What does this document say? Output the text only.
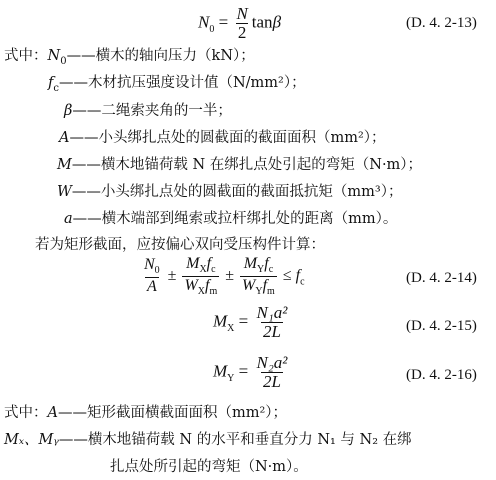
$N_0 = \frac{N}{2}$ tanβ	(D. 4. 2-13)
式中：$N_0——$横木的轴向压力（kN）；
$f_c——$木材抗压强度设计值（N/mm²）；
β——二绳索夹角的一半；
A——小头绑扎点处的圆截面的截面面积（mm²）；
M——横木地锚荷载 N 在绑扎点处引起的弯矩（N·m）；
W——小头绑扎点处的圆截面的截面抵抗矩（mm³）；
a——横木端部到绳索或拉杆绑扎处的距离（mm）。
若为矩形截面，应按偏心双向受压构件计算：
$\frac{N_0}{A} \pm \frac{M_Xf_c}{W_Xf_m} \pm \frac{M_Yf_c}{W_Yf_m} \le f_c$	(D. 4. 2-14)
$M_X = \frac{\text{N₁a²}}{2L}$	(D. 4. 2-15)
$M_Y = \frac{\text{N₂a²}}{2L}$	(D. 4. 2-16)
式中：A——矩形截面横截面面积（mm²）；
Mₓ、Mᵧ——横木地锚荷载 N 的水平和垂直分力 N₁ 与 N₂ 在绑
扎点处所引起的弯矩（N·m）。
